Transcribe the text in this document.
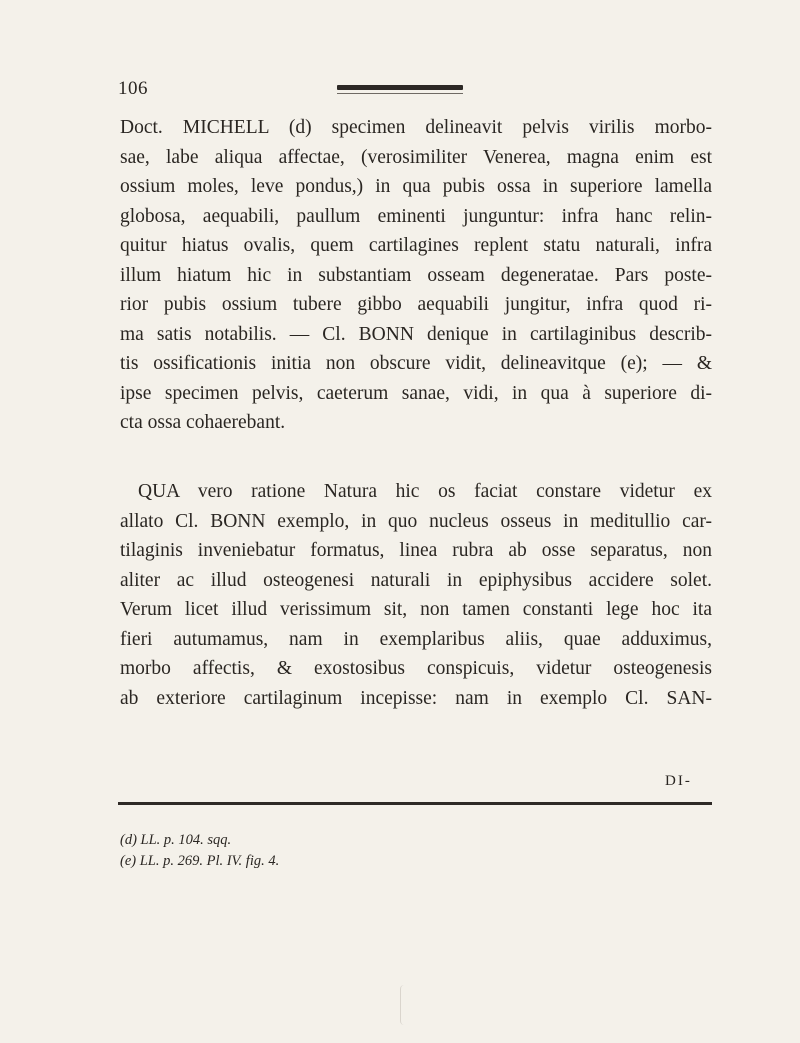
106
Doct. MICHELL (d) specimen delineavit pelvis virilis morbo-
sae, labe aliqua affectae, (verosimiliter Venerea, magna enim est
ossium moles, leve pondus,) in qua pubis ossa in superiore lamella
globosa, aequabili, paullum eminenti junguntur: infra hanc relin-
quitur hiatus ovalis, quem cartilagines replent statu naturali, infra
illum hiatum hic in substantiam osseam degeneratae. Pars poste-
rior pubis ossium tubere gibbo aequabili jungitur, infra quod ri-
ma satis notabilis. — Cl. BONN denique in cartilaginibus describ-
tis ossificationis initia non obscure vidit, delineavitque (e); — &
ipse specimen pelvis, caeterum sanae, vidi, in qua à superiore di-
cta ossa cohaerebant.
QUA vero ratione Natura hic os faciat constare videtur ex
allato Cl. BONN exemplo, in quo nucleus osseus in meditullio car-
tilaginis inveniebatur formatus, linea rubra ab osse separatus, non
aliter ac illud osteogenesi naturali in epiphysibus accidere solet.
Verum licet illud verissimum sit, non tamen constanti lege hoc ita
fieri autumamus, nam in exemplaribus aliis, quae adduximus,
morbo affectis, & exostosibus conspicuis, videtur osteogenesis
ab exteriore cartilaginum incepisse: nam in exemplo Cl. SAN-
DI-
(d) LL. p. 104. sqq.
(e) LL. p. 269. Pl. IV. fig. 4.
